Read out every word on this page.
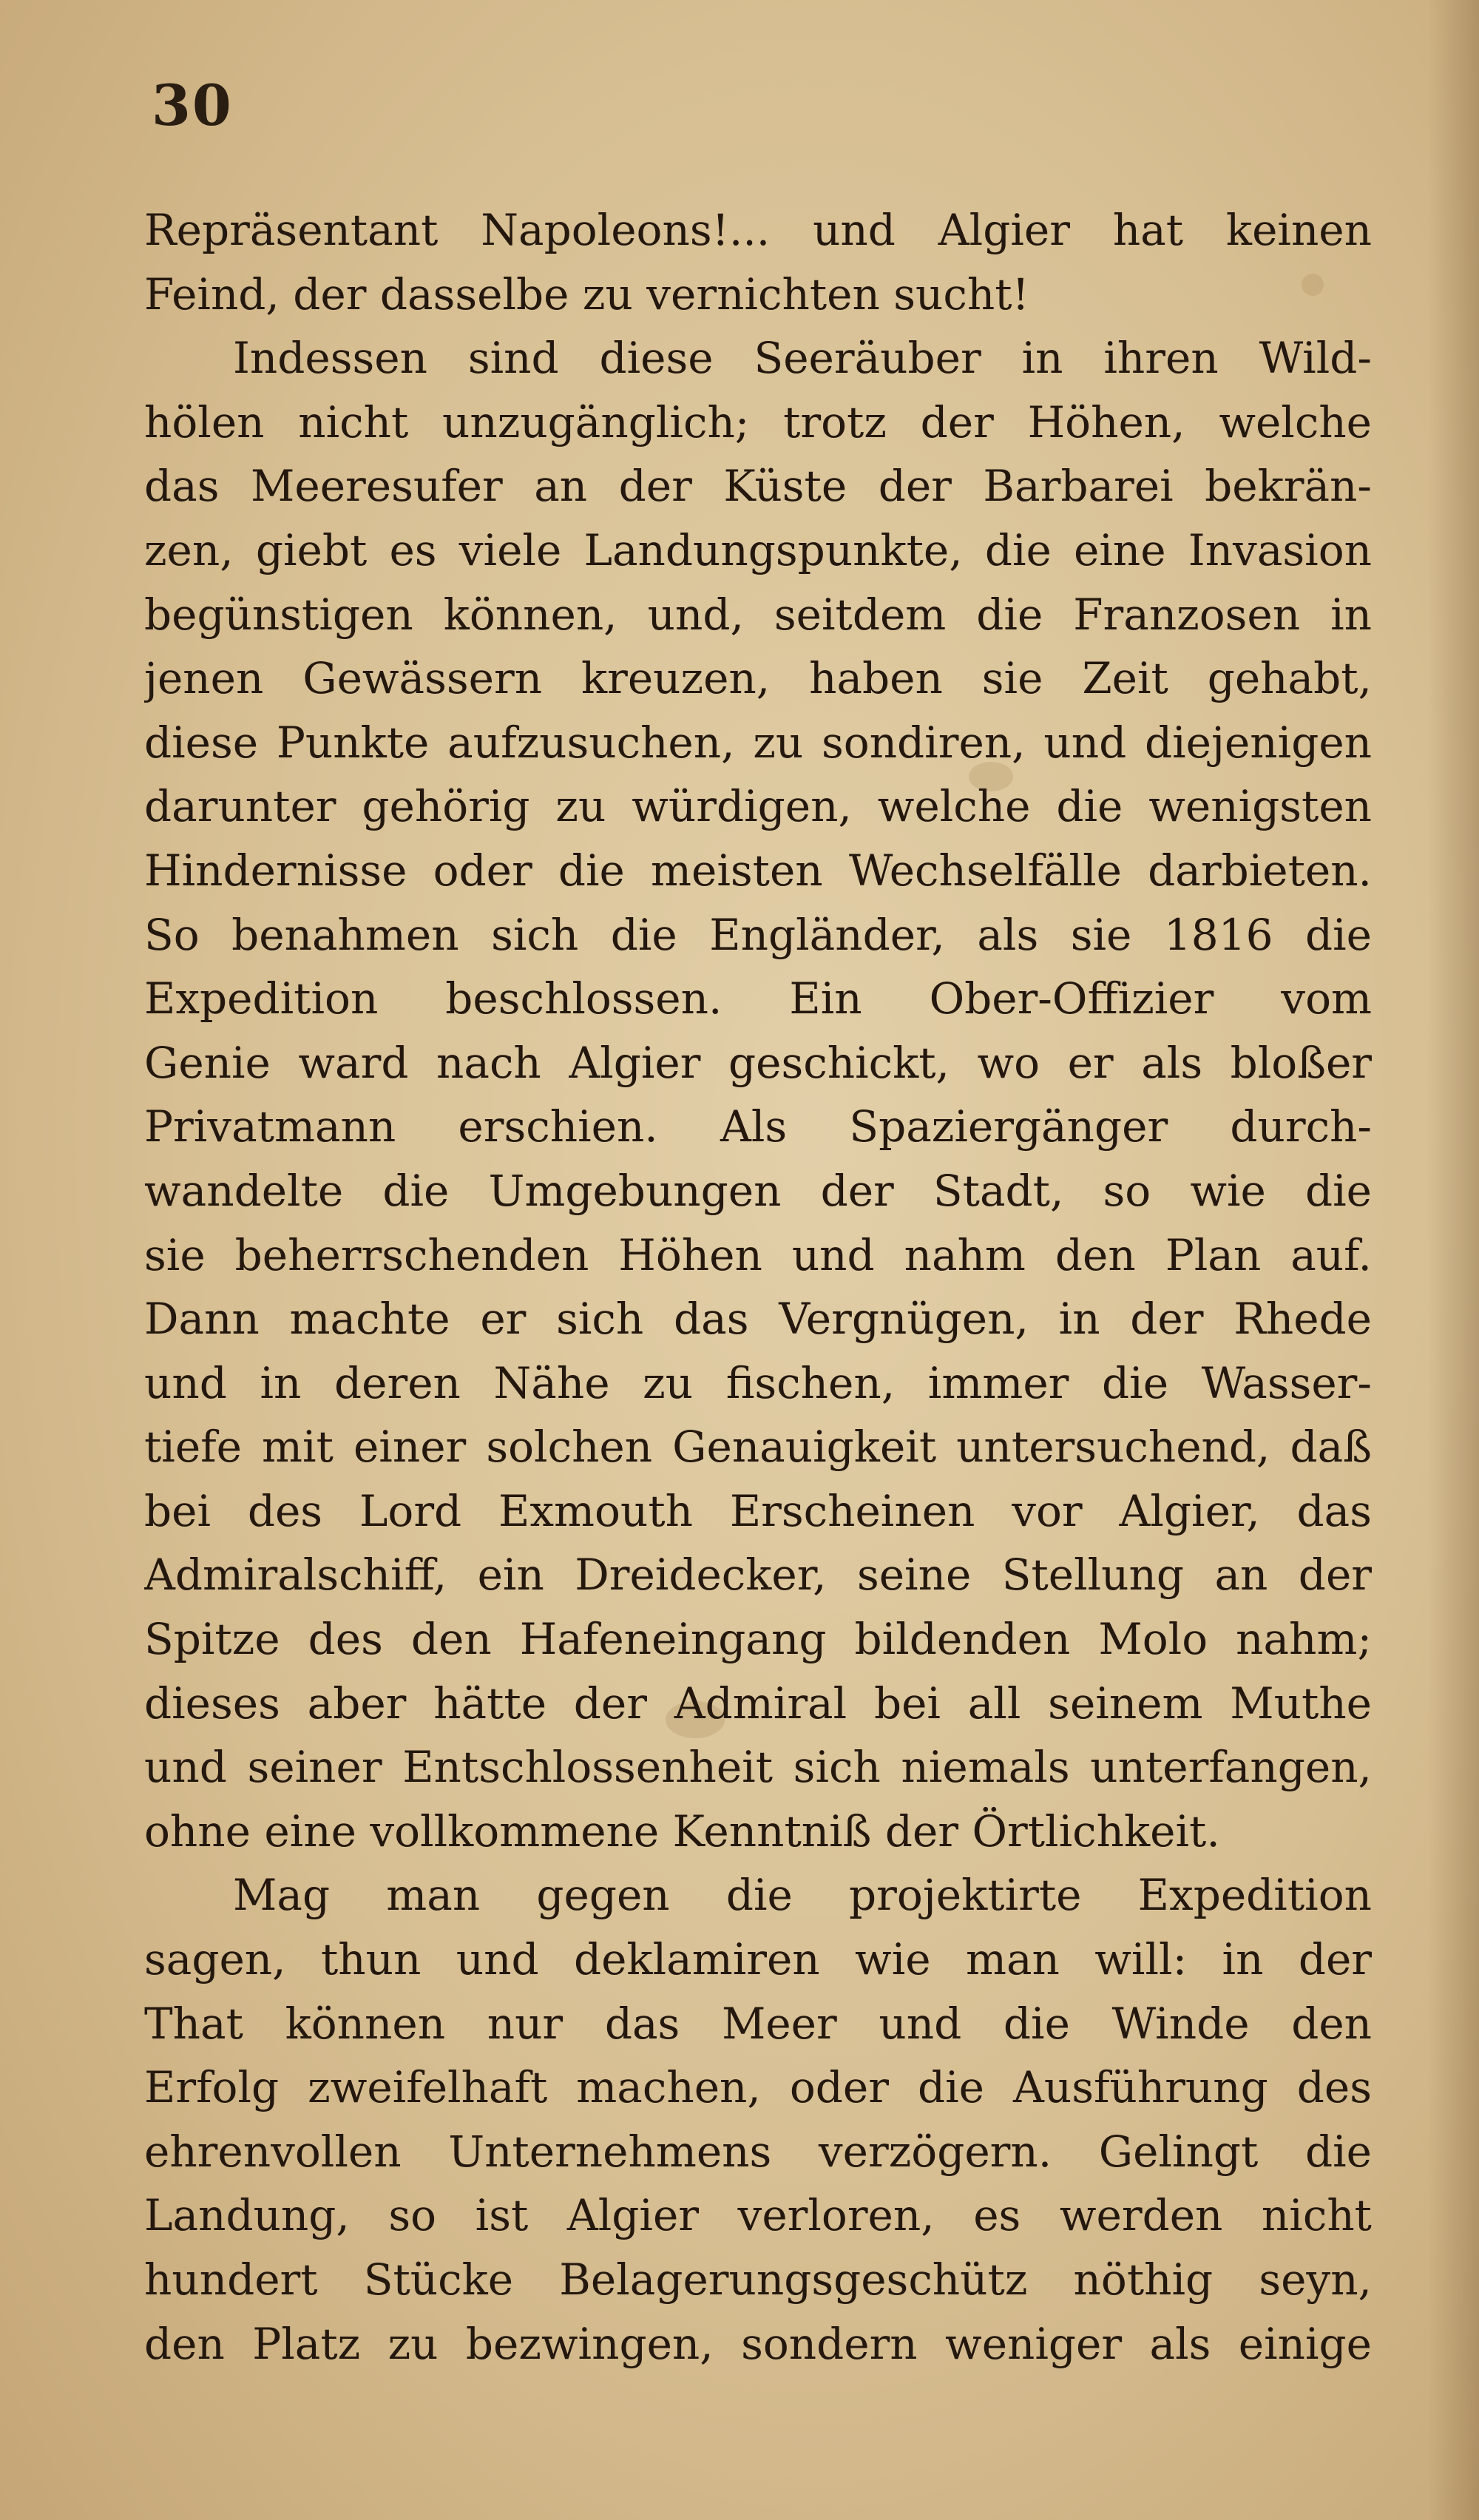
30
Repräsentant Napoleons!... und Algier hat keinen
Feind, der dasselbe zu vernichten sucht!
Indessen sind diese Seeräuber in ihren Wild-
hölen nicht unzugänglich; trotz der Höhen, welche
das Meeresufer an der Küste der Barbarei bekrän-
zen, giebt es viele Landungspunkte, die eine Invasion
begünstigen können, und, seitdem die Franzosen in
jenen Gewässern kreuzen, haben sie Zeit gehabt,
diese Punkte aufzusuchen, zu sondiren, und diejenigen
darunter gehörig zu würdigen, welche die wenigsten
Hindernisse oder die meisten Wechselfälle darbieten.
So benahmen sich die Engländer, als sie 1816 die
Expedition beschlossen. Ein Ober-Offizier vom
Genie ward nach Algier geschickt, wo er als bloßer
Privatmann erschien. Als Spaziergänger durch-
wandelte die Umgebungen der Stadt, so wie die
sie beherrschenden Höhen und nahm den Plan auf.
Dann machte er sich das Vergnügen, in der Rhede
und in deren Nähe zu fischen, immer die Wasser-
tiefe mit einer solchen Genauigkeit untersuchend, daß
bei des Lord Exmouth Erscheinen vor Algier, das
Admiralschiff, ein Dreidecker, seine Stellung an der
Spitze des den Hafeneingang bildenden Molo nahm;
dieses aber hätte der Admiral bei all seinem Muthe
und seiner Entschlossenheit sich niemals unterfangen,
ohne eine vollkommene Kenntniß der Örtlichkeit.
Mag man gegen die projektirte Expedition
sagen, thun und deklamiren wie man will: in der
That können nur das Meer und die Winde den
Erfolg zweifelhaft machen, oder die Ausführung des
ehrenvollen Unternehmens verzögern. Gelingt die
Landung, so ist Algier verloren, es werden nicht
hundert Stücke Belagerungsgeschütz nöthig seyn,
den Platz zu bezwingen, sondern weniger als einige
